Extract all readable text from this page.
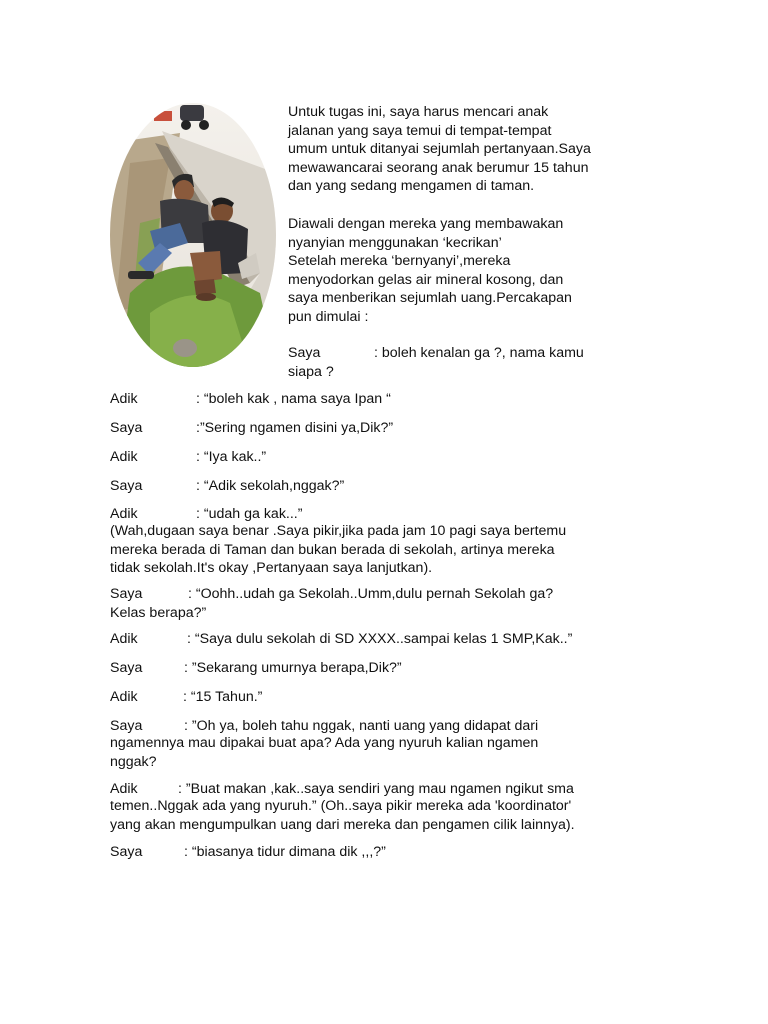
Untuk tugas ini, saya harus mencari anak
jalanan yang saya temui di tempat-tempat
umum untuk ditanyai sejumlah pertanyaan.Saya
mewawancarai seorang anak berumur 15 tahun
dan yang sedang mengamen di taman.

Diawali dengan mereka yang membawakan
nyanyian menggunakan ‘kecrikan’
Setelah mereka ‘bernyanyi’,mereka
menyodorkan gelas air mineral kosong, dan
saya menberikan sejumlah uang.Percakapan
pun dimulai :

Saya	: boleh kenalan ga ?, nama kamu
siapa ?

Adik	: “boleh kak , nama saya Ipan “

Saya	:”Sering ngamen disini ya,Dik?”

Adik	: “Iya kak..”

Saya	: “Adik sekolah,nggak?”

Adik	: “udah ga kak...”
(Wah,dugaan saya benar .Saya pikir,jika pada jam 10 pagi saya bertemu
mereka berada di Taman dan bukan berada di sekolah, artinya mereka
tidak sekolah.It's okay ,Pertanyaan saya lanjutkan).

Saya	: “Oohh..udah ga Sekolah..Umm,dulu pernah Sekolah ga?
Kelas berapa?”

Adik	: “Saya dulu sekolah di SD XXXX..sampai kelas 1 SMP,Kak..”

Saya	: ”Sekarang umurnya berapa,Dik?”

Adik	: “15 Tahun.”

Saya	: ”Oh ya, boleh tahu nggak, nanti uang yang didapat dari
ngamennya mau dipakai buat apa? Ada yang nyuruh kalian ngamen
nggak?

Adik	: ”Buat makan ,kak..saya sendiri yang mau ngamen ngikut sma
temen..Nggak ada yang nyuruh.” (Oh..saya pikir mereka ada 'koordinator'
yang akan mengumpulkan uang dari mereka dan pengamen cilik lainnya).

Saya	: “biasanya tidur dimana dik ,,,?”
